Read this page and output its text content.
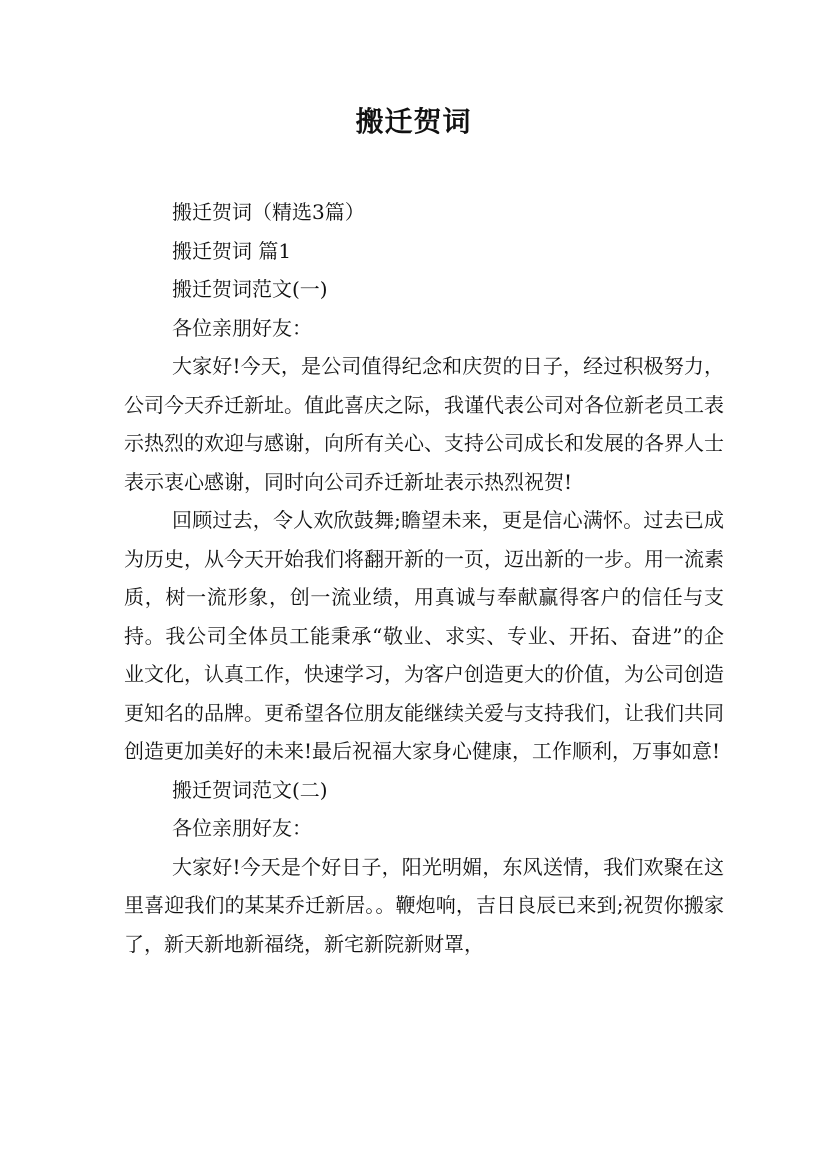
搬迁贺词

搬迁贺词（精选3篇）

搬迁贺词 篇1

搬迁贺词范文(一)

各位亲朋好友：

大家好!今天，是公司值得纪念和庆贺的日子，经过积极努力，公司今天乔迁新址。值此喜庆之际，我谨代表公司对各位新老员工表示热烈的欢迎与感谢，向所有关心、支持公司成长和发展的各界人士表示衷心感谢，同时向公司乔迁新址表示热烈祝贺!

回顾过去，令人欢欣鼓舞;瞻望未来，更是信心满怀。过去已成为历史，从今天开始我们将翻开新的一页，迈出新的一步。用一流素质，树一流形象，创一流业绩，用真诚与奉献赢得客户的信任与支持。我公司全体员工能秉承“敬业、求实、专业、开拓、奋进”的企业文化，认真工作，快速学习，为客户创造更大的价值，为公司创造更知名的品牌。更希望各位朋友能继续关爱与支持我们，让我们共同创造更加美好的未来!最后祝福大家身心健康，工作顺利，万事如意!

搬迁贺词范文(二)

各位亲朋好友：

大家好!今天是个好日子，阳光明媚，东风送情，我们欢聚在这里喜迎我们的某某乔迁新居。。鞭炮响，吉日良辰已来到;祝贺你搬家了，新天新地新福绕，新宅新院新财罩，
